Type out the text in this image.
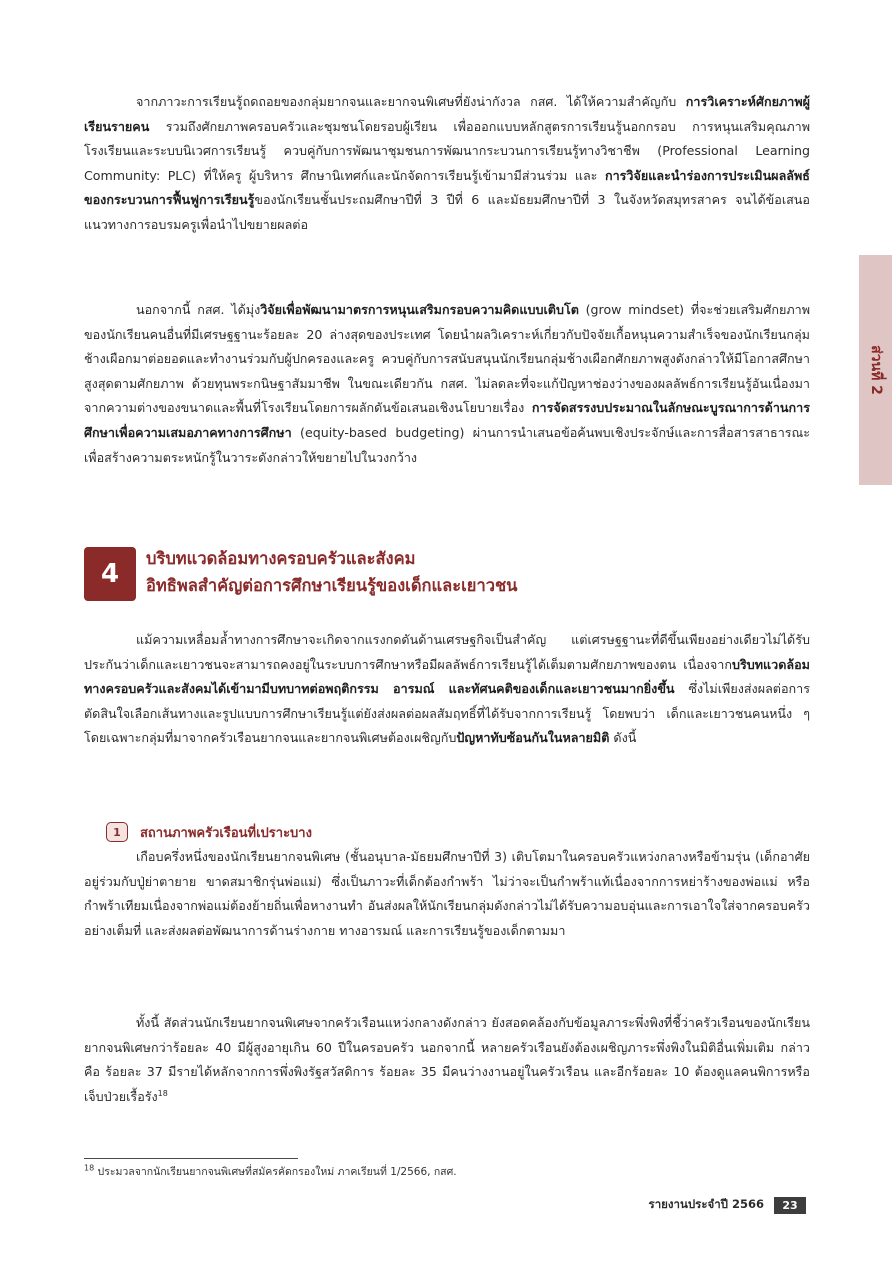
ส่วนที่ 2

จากภาวะการเรียนรู้ถดถอยของกลุ่มยากจนและยากจนพิเศษที่ยังน่ากังวล กสศ. ได้ให้ความสำคัญกับ การวิเคราะห์ศักยภาพผู้เรียนรายคน รวมถึงศักยภาพครอบครัวและชุมชนโดยรอบผู้เรียน เพื่อออกแบบหลักสูตรการเรียนรู้นอกกรอบ การหนุนเสริมคุณภาพโรงเรียนและระบบนิเวศการเรียนรู้ ควบคู่กับการพัฒนาชุมชนการพัฒนากระบวนการเรียนรู้ทางวิชาชีพ (Professional Learning Community: PLC) ที่ให้ครู ผู้บริหาร ศึกษานิเทศก์และนักจัดการเรียนรู้เข้ามามีส่วนร่วม และ การวิจัยและนำร่องการประเมินผลลัพธ์ของกระบวนการฟื้นฟูการเรียนรู้ของนักเรียนชั้นประถมศึกษาปีที่ 3 ปีที่ 6 และมัธยมศึกษาปีที่ 3 ในจังหวัดสมุทรสาคร จนได้ข้อเสนอแนวทางการอบรมครูเพื่อนำไปขยายผลต่อ

นอกจากนี้ กสศ. ได้มุ่งวิจัยเพื่อพัฒนามาตรการหนุนเสริมกรอบความคิดแบบเติบโต (grow mindset) ที่จะช่วยเสริมศักยภาพของนักเรียนคนอื่นที่มีเศรษฐฐานะร้อยละ 20 ล่างสุดของประเทศ โดยนำผลวิเคราะห์เกี่ยวกับปัจจัยเกื้อหนุนความสำเร็จของนักเรียนกลุ่มช้างเผือกมาต่อยอดและทำงานร่วมกับผู้ปกครองและครู ควบคู่กับการสนับสนุนนักเรียนกลุ่มช้างเผือกศักยภาพสูงดังกล่าวให้มีโอกาสศึกษาสูงสุดตามศักยภาพ ด้วยทุนพระกนิษฐาสัมมาชีพ ในขณะเดียวกัน กสศ. ไม่ลดละที่จะแก้ปัญหาช่องว่างของผลลัพธ์การเรียนรู้อันเนื่องมาจากความต่างของขนาดและพื้นที่โรงเรียนโดยการผลักดันข้อเสนอเชิงนโยบายเรื่อง การจัดสรรงบประมาณในลักษณะบูรณาการด้านการศึกษาเพื่อความเสมอภาคทางการศึกษา (equity-based budgeting) ผ่านการนำเสนอข้อค้นพบเชิงประจักษ์และการสื่อสารสาธารณะเพื่อสร้างความตระหนักรู้ในวาระดังกล่าวให้ขยายไปในวงกว้าง

4
บริบทแวดล้อมทางครอบครัวและสังคม
อิทธิพลสำคัญต่อการศึกษาเรียนรู้ของเด็กและเยาวชน

แม้ความเหลื่อมล้ำทางการศึกษาจะเกิดจากแรงกดดันด้านเศรษฐกิจเป็นสำคัญ แต่เศรษฐฐานะที่ดีขึ้นเพียงอย่างเดียวไม่ได้รับประกันว่าเด็กและเยาวชนจะสามารถคงอยู่ในระบบการศึกษาหรือมีผลลัพธ์การเรียนรู้ได้เต็มตามศักยภาพของตน เนื่องจากบริบทแวดล้อมทางครอบครัวและสังคมได้เข้ามามีบทบาทต่อพฤติกรรม อารมณ์ และทัศนคติของเด็กและเยาวชนมากยิ่งขึ้น ซึ่งไม่เพียงส่งผลต่อการตัดสินใจเลือกเส้นทางและรูปแบบการศึกษาเรียนรู้แต่ยังส่งผลต่อผลสัมฤทธิ์ที่ได้รับจากการเรียนรู้ โดยพบว่า เด็กและเยาวชนคนหนึ่ง ๆ โดยเฉพาะกลุ่มที่มาจากครัวเรือนยากจนและยากจนพิเศษต้องเผชิญกับปัญหาทับซ้อนกันในหลายมิติ ดังนี้

1	สถานภาพครัวเรือนที่เปราะบาง

เกือบครึ่งหนึ่งของนักเรียนยากจนพิเศษ (ชั้นอนุบาล-มัธยมศึกษาปีที่ 3) เติบโตมาในครอบครัวแหว่งกลางหรือข้ามรุ่น (เด็กอาศัยอยู่ร่วมกับปู่ย่าตายาย ขาดสมาชิกรุ่นพ่อแม่) ซึ่งเป็นภาวะที่เด็กต้องกำพร้า ไม่ว่าจะเป็นกำพร้าแท้เนื่องจากการหย่าร้างของพ่อแม่ หรือกำพร้าเทียมเนื่องจากพ่อแม่ต้องย้ายถิ่นเพื่อหางานทำ อันส่งผลให้นักเรียนกลุ่มดังกล่าวไม่ได้รับความอบอุ่นและการเอาใจใส่จากครอบครัวอย่างเต็มที่ และส่งผลต่อพัฒนาการด้านร่างกาย ทางอารมณ์ และการเรียนรู้ของเด็กตามมา

ทั้งนี้ สัดส่วนนักเรียนยากจนพิเศษจากครัวเรือนแหว่งกลางดังกล่าว ยังสอดคล้องกับข้อมูลภาระพึ่งพิงที่ชี้ว่าครัวเรือนของนักเรียนยากจนพิเศษกว่าร้อยละ 40 มีผู้สูงอายุเกิน 60 ปีในครอบครัว นอกจากนี้ หลายครัวเรือนยังต้องเผชิญภาระพึ่งพิงในมิติอื่นเพิ่มเติม กล่าวคือ ร้อยละ 37 มีรายได้หลักจากการพึ่งพิงรัฐสวัสดิการ ร้อยละ 35 มีคนว่างงานอยู่ในครัวเรือน และอีกร้อยละ 10 ต้องดูแลคนพิการหรือเจ็บป่วยเรื้อรัง$^{18}$

$^{18}$ ประมวลจากนักเรียนยากจนพิเศษที่สมัครคัดกรองใหม่ ภาคเรียนที่ 1/2566, กสศ.
รายงานประจำปี 2566	23
